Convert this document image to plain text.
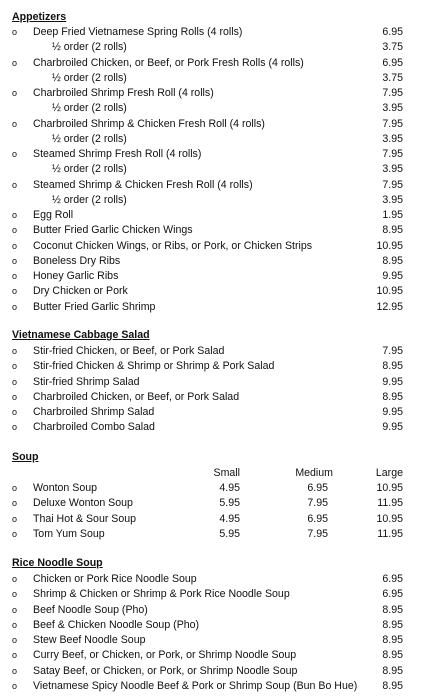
Appetizers
o Deep Fried Vietnamese Spring Rolls (4 rolls)	6.95
½ order (2 rolls)	3.75
o Charbroiled Chicken, or Beef, or Pork Fresh Rolls (4 rolls)	6.95
½ order (2 rolls)	3.75
o Charbroiled Shrimp Fresh Roll (4 rolls)	7.95
½ order (2 rolls)	3.95
o Charbroiled Shrimp & Chicken Fresh Roll (4 rolls)	7.95
½ order (2 rolls)	3.95
o Steamed Shrimp Fresh Roll (4 rolls)	7.95
½ order (2 rolls)	3.95
o Steamed Shrimp & Chicken Fresh Roll (4 rolls)	7.95
½ order (2 rolls)	3.95
o Egg Roll	1.95
o Butter Fried Garlic Chicken Wings	8.95
o Coconut Chicken Wings, or Ribs, or Pork, or Chicken Strips	10.95
o Boneless Dry Ribs	8.95
o Honey Garlic Ribs	9.95
o Dry Chicken or Pork	10.95
o Butter Fried Garlic Shrimp	12.95
Vietnamese Cabbage Salad
o Stir-fried Chicken, or Beef, or Pork Salad	7.95
o Stir-fried Chicken & Shrimp or Shrimp & Pork Salad	8.95
o Stir-fried Shrimp Salad	9.95
o Charbroiled Chicken, or Beef, or Pork Salad	8.95
o Charbroiled Shrimp Salad	9.95
o Charbroiled Combo Salad	9.95
Soup
Small	Medium	Large
o Wonton Soup	4.95	6.95	10.95
o Deluxe Wonton Soup	5.95	7.95	11.95
o Thai Hot & Sour Soup	4.95	6.95	10.95
o Tom Yum Soup	5.95	7.95	11.95
Rice Noodle Soup
o Chicken or Pork Rice Noodle Soup	6.95
o Shrimp & Chicken or Shrimp & Pork Rice Noodle Soup	6.95
o Beef Noodle Soup (Pho)	8.95
o Beef & Chicken Noodle Soup (Pho)	8.95
o Stew Beef Noodle Soup	8.95
o Curry Beef, or Chicken, or Pork, or Shrimp Noodle Soup	8.95
o Satay Beef, or Chicken, or Pork, or Shrimp Noodle Soup	8.95
o Vietnamese Spicy Noodle Beef & Pork or Shrimp Soup (Bun Bo Hue) 8.95
